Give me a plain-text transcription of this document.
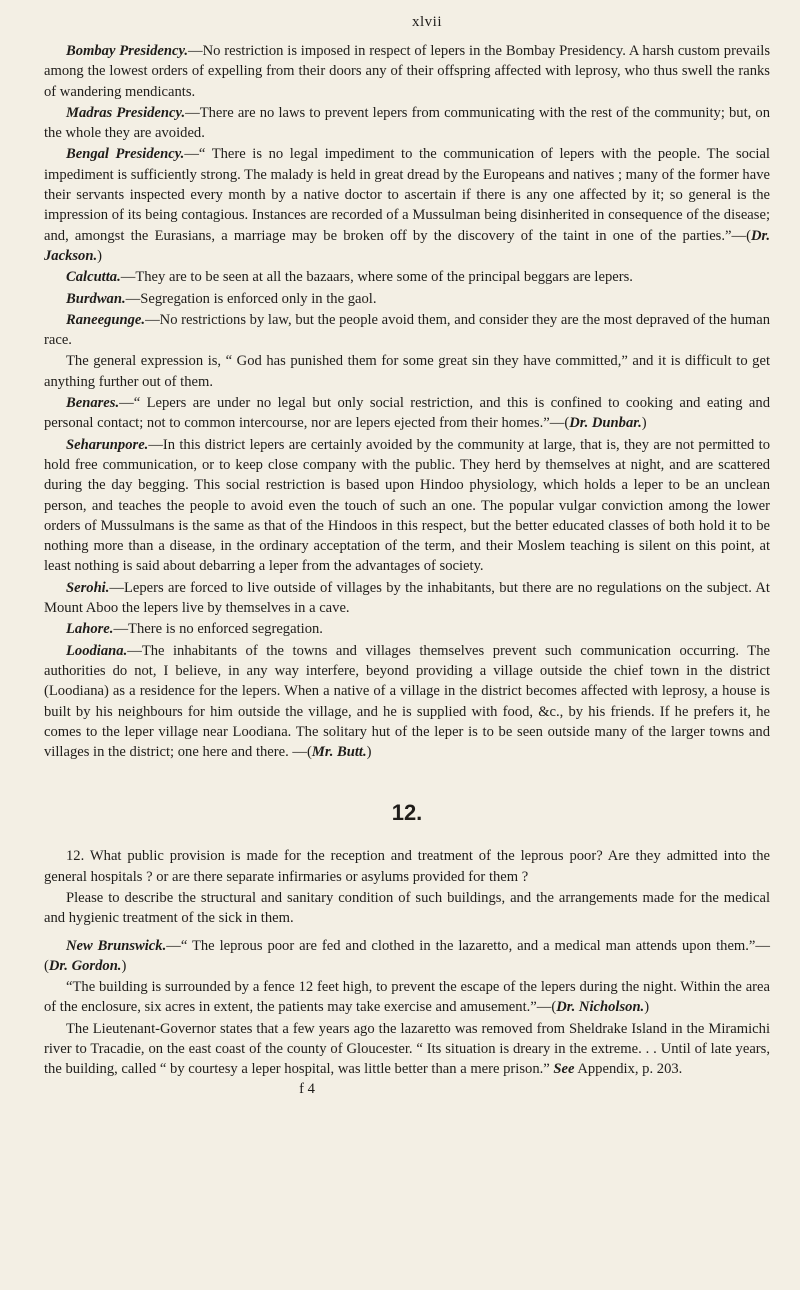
xlvii

Bombay Presidency.—No restriction is imposed in respect of lepers in the Bombay Presidency. A harsh custom prevails among the lowest orders of expelling from their doors any of their offspring affected with leprosy, who thus swell the ranks of wandering mendicants.

Madras Presidency.—There are no laws to prevent lepers from communicating with the rest of the community; but, on the whole they are avoided.

Bengal Presidency.—“ There is no legal impediment to the communication of lepers with the people. The social impediment is sufficiently strong. The malady is held in great dread by the Europeans and natives ; many of the former have their servants inspected every month by a native doctor to ascertain if there is any one affected by it; so general is the impression of its being contagious. Instances are recorded of a Mussulman being disinherited in consequence of the disease; and, amongst the Eurasians, a marriage may be broken off by the discovery of the taint in one of the parties.”—(Dr. Jackson.)

Calcutta.—They are to be seen at all the bazaars, where some of the principal beggars are lepers.

Burdwan.—Segregation is enforced only in the gaol.

Raneegunge.—No restrictions by law, but the people avoid them, and consider they are the most depraved of the human race.

The general expression is, “ God has punished them for some great sin they have committed,” and it is difficult to get anything further out of them.

Benares.—“ Lepers are under no legal but only social restriction, and this is confined to cooking and eating and personal contact; not to common intercourse, nor are lepers ejected from their homes.”—(Dr. Dunbar.)

Seharunpore.—In this district lepers are certainly avoided by the community at large, that is, they are not permitted to hold free communication, or to keep close company with the public. They herd by themselves at night, and are scattered during the day begging. This social restriction is based upon Hindoo physiology, which holds a leper to be an unclean person, and teaches the people to avoid even the touch of such an one. The popular vulgar conviction among the lower orders of Mussulmans is the same as that of the Hindoos in this respect, but the better educated classes of both hold it to be nothing more than a disease, in the ordinary acceptation of the term, and their Moslem teaching is silent on this point, at least nothing is said about debarring a leper from the advantages of society.

Serohi.—Lepers are forced to live outside of villages by the inhabitants, but there are no regulations on the subject. At Mount Aboo the lepers live by themselves in a cave.

Lahore.—There is no enforced segregation.

Loodiana.—The inhabitants of the towns and villages themselves prevent such communication occurring. The authorities do not, I believe, in any way interfere, beyond providing a village outside the chief town in the district (Loodiana) as a residence for the lepers. When a native of a village in the district becomes affected with leprosy, a house is built by his neighbours for him outside the village, and he is supplied with food, &c., by his friends. If he prefers it, he comes to the leper village near Loodiana. The solitary hut of the leper is to be seen outside many of the larger towns and villages in the district; one here and there. —(Mr. Butt.)

12.

12. What public provision is made for the reception and treatment of the leprous poor? Are they admitted into the general hospitals ? or are there separate infirmaries or asylums provided for them ?

Please to describe the structural and sanitary condition of such buildings, and the arrangements made for the medical and hygienic treatment of the sick in them.

New Brunswick.—“ The leprous poor are fed and clothed in the lazaretto, and a medical man attends upon them.”—(Dr. Gordon.)

“The building is surrounded by a fence 12 feet high, to prevent the escape of the lepers during the night. Within the area of the enclosure, six acres in extent, the patients may take exercise and amusement.”—(Dr. Nicholson.)

The Lieutenant-Governor states that a few years ago the lazaretto was removed from Sheldrake Island in the Miramichi river to Tracadie, on the east coast of the county of Gloucester. “ Its situation is dreary in the extreme. . . Until of late years, the building, called “ by courtesy a leper hospital, was little better than a mere prison.” See Appendix, p. 203.

f 4
